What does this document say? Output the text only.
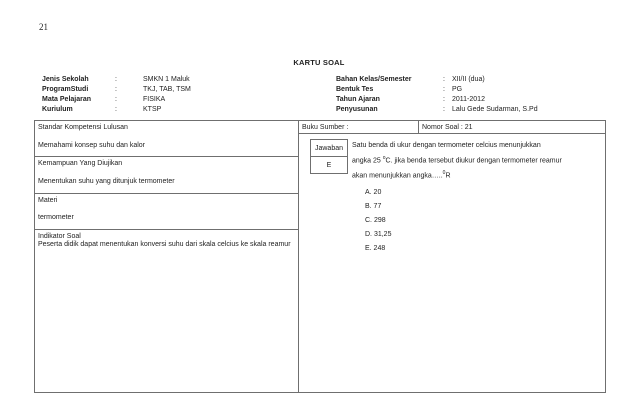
21
KARTU SOAL
Jenis Sekolah	:	SMKN 1 Maluk
ProgramStudi	:	TKJ, TAB, TSM
Mata Pelajaran	:	FISIKA
Kuriulum	:	KTSP
Bahan Kelas/Semester	: XII/II (dua)
Bentuk Tes	: PG
Tahun Ajaran	: 2011-2012
Penyusunan	: Lalu Gede Sudarman, S.Pd
Standar Kompetensi Lulusan
Memahami konsep suhu dan kalor
Kemampuan Yang Diujikan
Menentukan suhu yang ditunjuk termometer
Materi
termometer
Indikator Soal
Peserta didik dapat menentukan konversi suhu dari skala celcius ke skala reamur
Buku Sumber :	Nomor Soal : 21
Jawaban
E
Satu benda di ukur dengan termometer celcius menunjukkan
angka 25 $^o$C. jika benda tersebut diukur dengan termometer reamur
akan menunjukkan angka…..$^0$R
A. 20
B. 77
C. 298
D. 31,25
E. 248
